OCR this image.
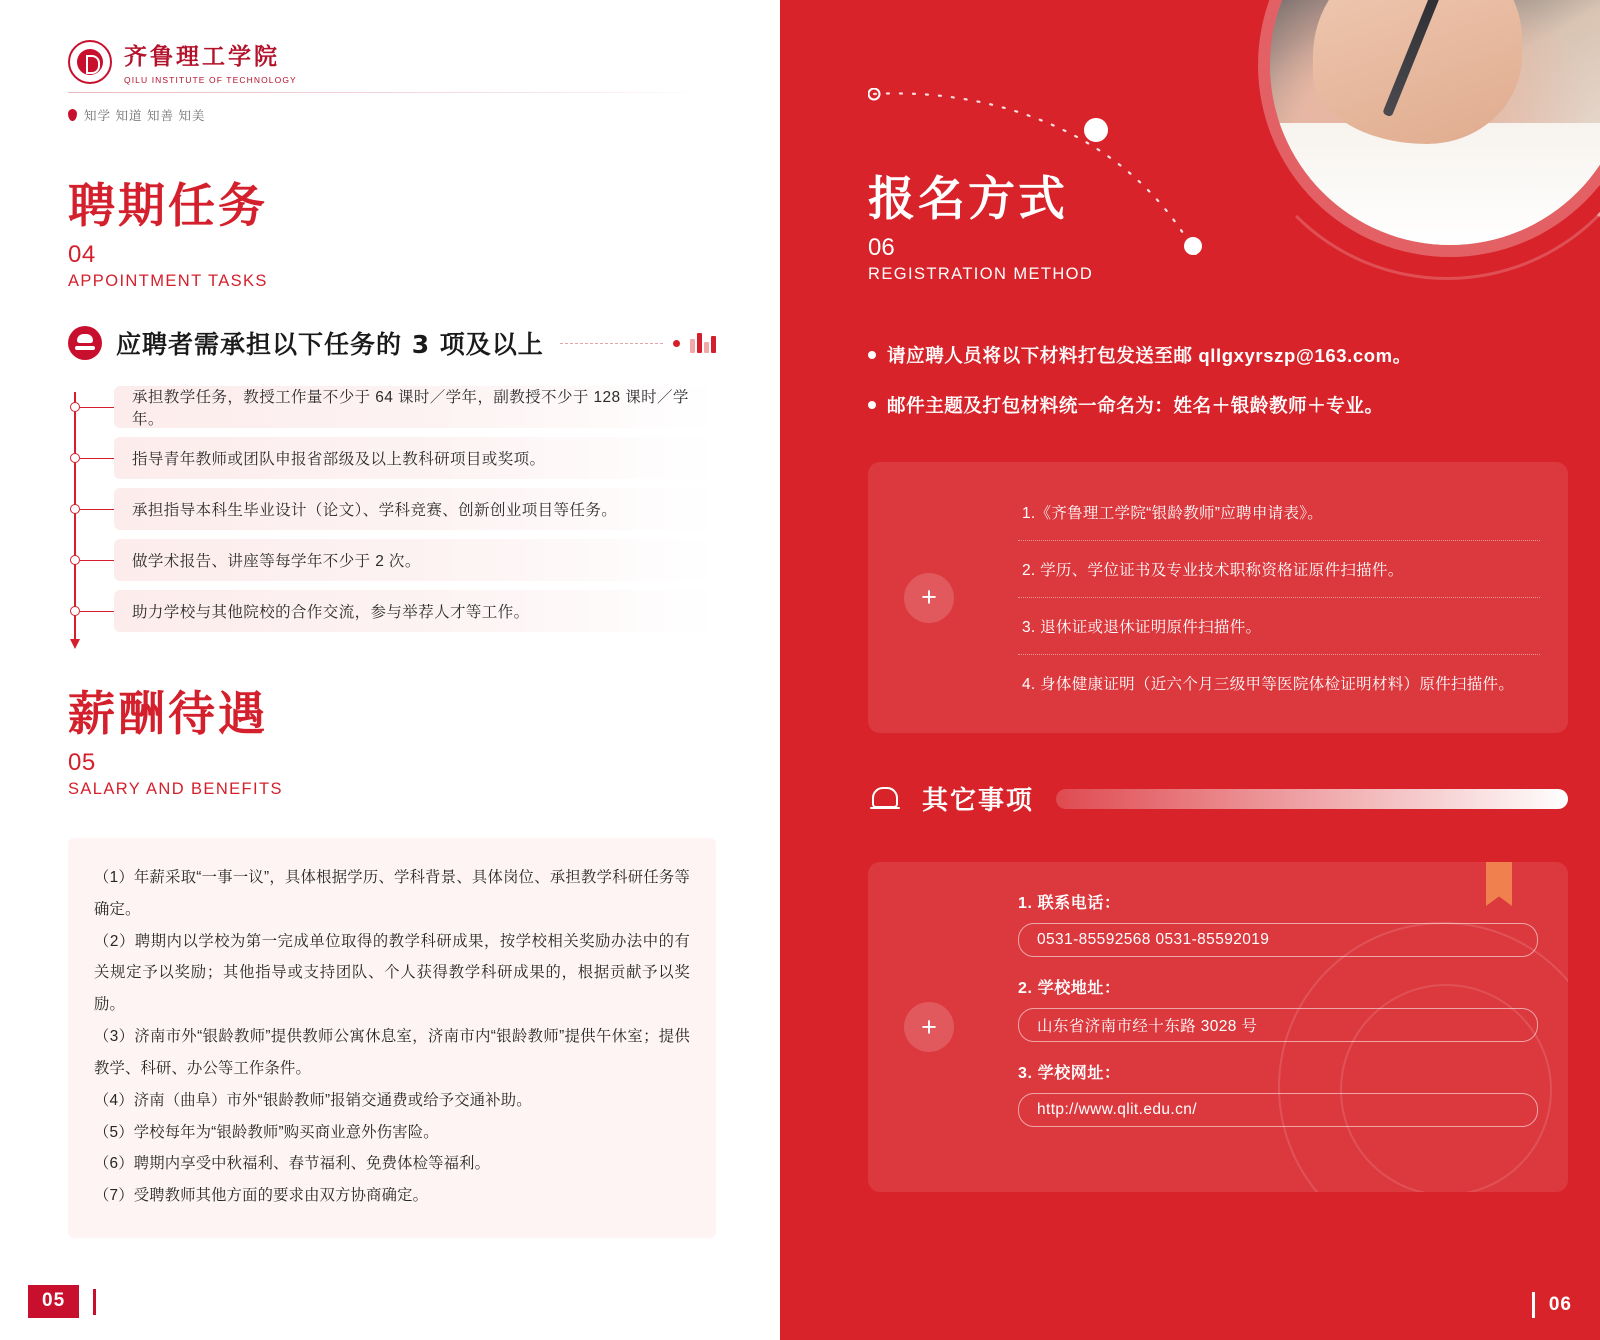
齐鲁理工学院
QILU INSTITUTE OF TECHNOLOGY
知学 知道 知善 知美
聘期任务
04
APPOINTMENT TASKS
应聘者需承担以下任务的 3 项及以上
承担教学任务，教授工作量不少于 64 课时／学年，副教授不少于 128 课时／学年。
指导青年教师或团队申报省部级及以上教科研项目或奖项。
承担指导本科生毕业设计（论文）、学科竞赛、创新创业项目等任务。
做学术报告、讲座等每学年不少于 2 次。
助力学校与其他院校的合作交流，参与举荐人才等工作。
薪酬待遇
05
SALARY AND BENEFITS

（1）年薪采取“一事一议”，具体根据学历、学科背景、具体岗位、承担教学科研任务等确定。

（2）聘期内以学校为第一完成单位取得的教学科研成果，按学校相关奖励办法中的有关规定予以奖励；其他指导或支持团队、个人获得教学科研成果的，根据贡献予以奖励。

（3）济南市外“银龄教师”提供教师公寓休息室，济南市内“银龄教师”提供午休室；提供教学、科研、办公等工作条件。

（4）济南（曲阜）市外“银龄教师”报销交通费或给予交通补助。

（5）学校每年为“银龄教师”购买商业意外伤害险。

（6）聘期内享受中秋福利、春节福利、免费体检等福利。

（7）受聘教师其他方面的要求由双方协商确定。

05
报名方式
06
REGISTRATION METHOD
请应聘人员将以下材料打包发送至邮 qllgxyrszp@163.com。
邮件主题及打包材料统一命名为：姓名＋银龄教师＋专业。
+
1.《齐鲁理工学院“银龄教师”应聘申请表》。
2. 学历、学位证书及专业技术职称资格证原件扫描件。
3. 退休证或退休证明原件扫描件。
4. 身体健康证明（近六个月三级甲等医院体检证明材料）原件扫描件。
其它事项
+
1. 联系电话：
0531-85592568 0531-85592019
2. 学校地址：
山东省济南市经十东路 3028 号
3. 学校网址：
http://www.qlit.edu.cn/
06
